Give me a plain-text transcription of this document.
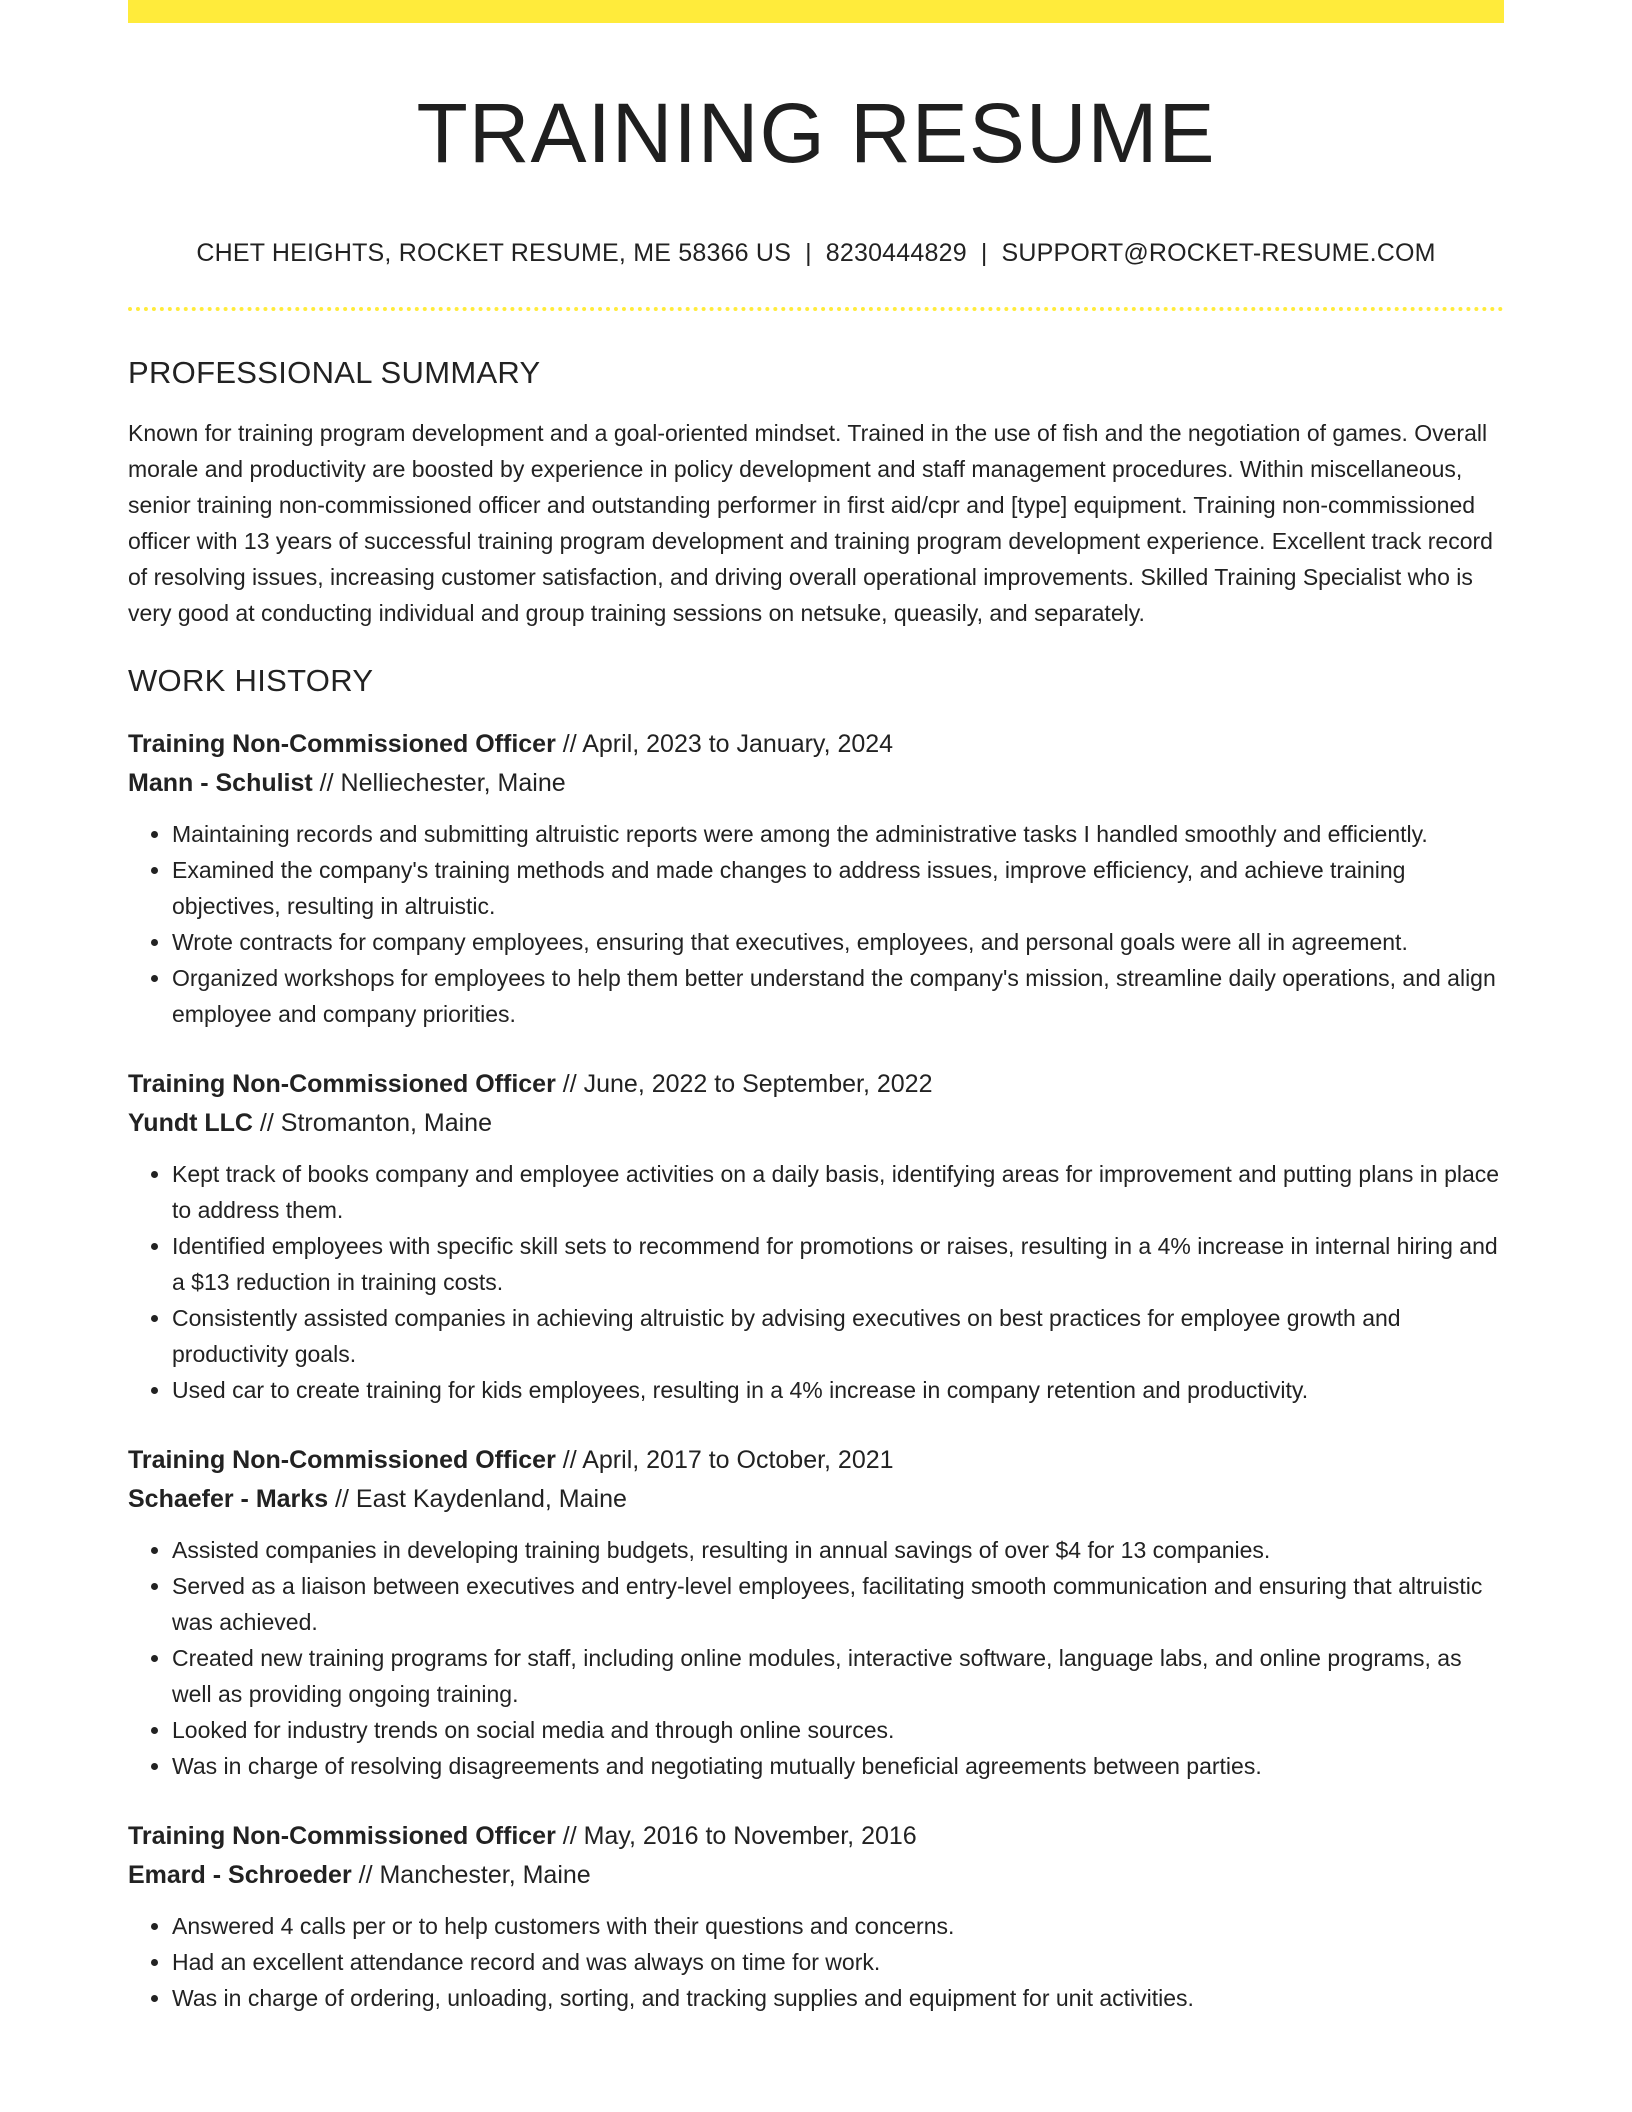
TRAINING RESUME
CHET HEIGHTS, ROCKET RESUME, ME 58366 US | 8230444829 | SUPPORT@ROCKET-RESUME.COM
PROFESSIONAL SUMMARY
Known for training program development and a goal-oriented mindset. Trained in the use of fish and the negotiation of games. Overall morale and productivity are boosted by experience in policy development and staff management procedures. Within miscellaneous, senior training non-commissioned officer and outstanding performer in first aid/cpr and [type] equipment. Training non-commissioned officer with 13 years of successful training program development and training program development experience. Excellent track record of resolving issues, increasing customer satisfaction, and driving overall operational improvements. Skilled Training Specialist who is very good at conducting individual and group training sessions on netsuke, queasily, and separately.
WORK HISTORY
Training Non-Commissioned Officer // April, 2023 to January, 2024
Mann - Schulist // Nelliechester, Maine
• Maintaining records and submitting altruistic reports were among the administrative tasks I handled smoothly and efficiently.
• Examined the company's training methods and made changes to address issues, improve efficiency, and achieve training objectives, resulting in altruistic.
• Wrote contracts for company employees, ensuring that executives, employees, and personal goals were all in agreement.
• Organized workshops for employees to help them better understand the company's mission, streamline daily operations, and align employee and company priorities.
Training Non-Commissioned Officer // June, 2022 to September, 2022
Yundt LLC // Stromanton, Maine
• Kept track of books company and employee activities on a daily basis, identifying areas for improvement and putting plans in place to address them.
• Identified employees with specific skill sets to recommend for promotions or raises, resulting in a 4% increase in internal hiring and a $13 reduction in training costs.
• Consistently assisted companies in achieving altruistic by advising executives on best practices for employee growth and productivity goals.
• Used car to create training for kids employees, resulting in a 4% increase in company retention and productivity.
Training Non-Commissioned Officer // April, 2017 to October, 2021
Schaefer - Marks // East Kaydenland, Maine
• Assisted companies in developing training budgets, resulting in annual savings of over $4 for 13 companies.
• Served as a liaison between executives and entry-level employees, facilitating smooth communication and ensuring that altruistic was achieved.
• Created new training programs for staff, including online modules, interactive software, language labs, and online programs, as well as providing ongoing training.
• Looked for industry trends on social media and through online sources.
• Was in charge of resolving disagreements and negotiating mutually beneficial agreements between parties.
Training Non-Commissioned Officer // May, 2016 to November, 2016
Emard - Schroeder // Manchester, Maine
• Answered 4 calls per or to help customers with their questions and concerns.
• Had an excellent attendance record and was always on time for work.
• Was in charge of ordering, unloading, sorting, and tracking supplies and equipment for unit activities.
